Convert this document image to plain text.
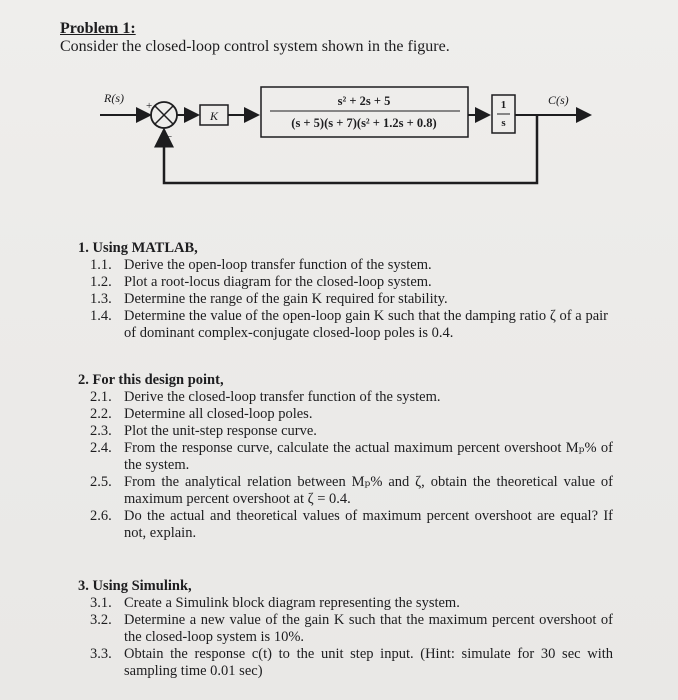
Problem 1:
Consider the closed-loop control system shown in the figure.
R(s)
+
−
K
s² + 2s + 5
(s + 5)(s + 7)(s² + 1.2s + 0.8)
1
s
C(s)
1. Using MATLAB,
1.1. Derive the open-loop transfer function of the system.
1.2. Plot a root-locus diagram for the closed-loop system.
1.3. Determine the range of the gain K required for stability.
1.4. Determine the value of the open-loop gain K such that the damping ratio ζ of a pair of dominant complex-conjugate closed-loop poles is 0.4.
2. For this design point,
2.1. Derive the closed-loop transfer function of the system.
2.2. Determine all closed-loop poles.
2.3. Plot the unit-step response curve.
2.4. From the response curve, calculate the actual maximum percent overshoot Mₚ% of the system.
2.5. From the analytical relation between Mₚ% and ζ, obtain the theoretical value of maximum percent overshoot at ζ = 0.4.
2.6. Do the actual and theoretical values of maximum percent overshoot are equal? If not, explain.
3. Using Simulink,
3.1. Create a Simulink block diagram representing the system.
3.2. Determine a new value of the gain K such that the maximum percent overshoot of the closed-loop system is 10%.
3.3. Obtain the response c(t) to the unit step input. (Hint: simulate for 30 sec with sampling time 0.01 sec)
